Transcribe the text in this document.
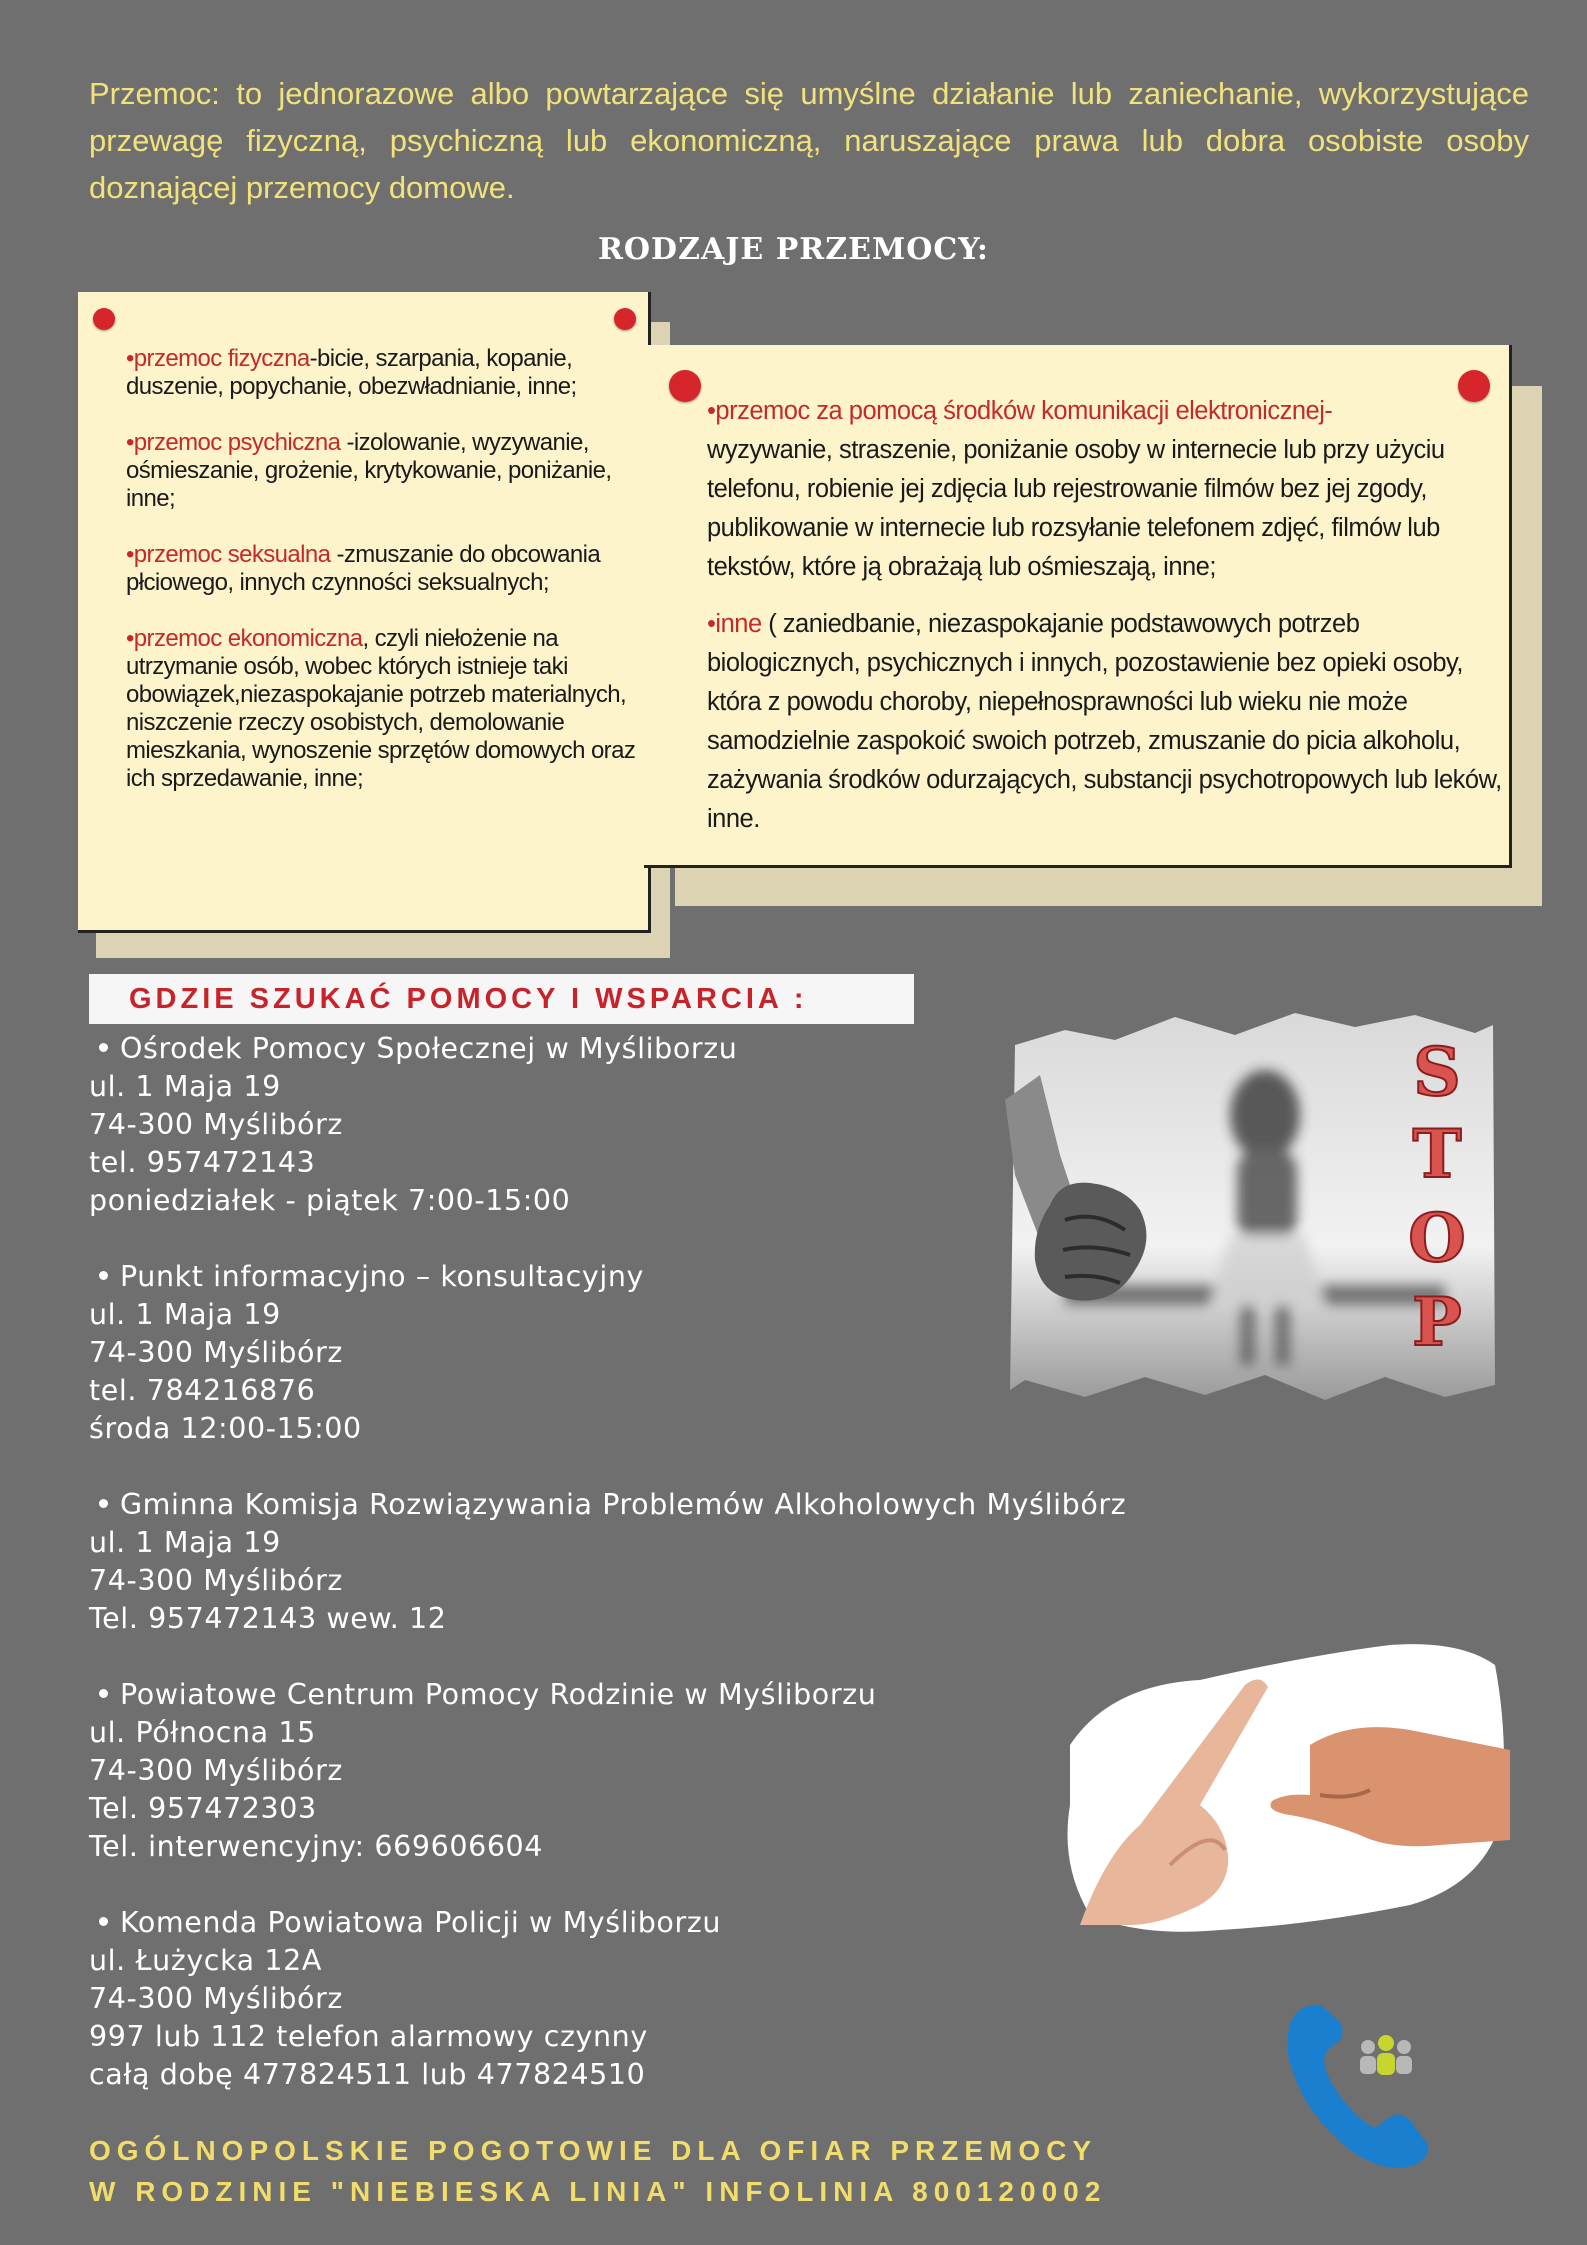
Przemoc: to jednorazowe albo powtarzające się umyślne działanie lub zaniechanie, wykorzystujące przewagę fizyczną, psychiczną lub ekonomiczną, naruszające prawa lub dobra osobiste osoby doznającej przemocy domowe.
RODZAJE PRZEMOCY:

•przemoc fizyczna-bicie, szarpania, kopanie, duszenie, popychanie, obezwładnianie, inne;

•przemoc psychiczna -izolowanie, wyzywanie, ośmieszanie, grożenie, krytykowanie, poniżanie, inne;

•przemoc seksualna -zmuszanie do obcowania płciowego, innych czynności seksualnych;

•przemoc ekonomiczna, czyli niełożenie na utrzymanie osób, wobec których istnieje taki obowiązek,niezaspokajanie potrzeb materialnych, niszczenie rzeczy osobistych, demolowanie mieszkania, wynoszenie sprzętów domowych oraz ich sprzedawanie, inne;

•przemoc za pomocą środków komunikacji elektronicznej-
wyzywanie, straszenie, poniżanie osoby w internecie lub przy użyciu telefonu, robienie jej zdjęcia lub rejestrowanie filmów bez jej zgody, publikowanie w internecie lub rozsyłanie telefonem zdjęć, filmów lub tekstów, które ją obrażają lub ośmieszają, inne;

•inne ( zaniedbanie, niezaspokajanie podstawowych potrzeb biologicznych, psychicznych i innych, pozostawienie bez opieki osoby, która z powodu choroby, niepełnosprawności lub wieku nie może samodzielnie zaspokoić swoich potrzeb, zmuszanie do picia alkoholu, zażywania środków odurzających, substancji psychotropowych lub leków, inne.

GDZIE SZUKAĆ POMOCY I WSPARCIA :
Ośrodek Pomocy Społecznej w Myśliborzu
ul. 1 Maja 19
74-300 Myślibórz
tel. 957472143
poniedziałek - piątek 7:00-15:00
Punkt informacyjno – konsultacyjny
ul. 1 Maja 19
74-300 Myślibórz
tel. 784216876
środa 12:00-15:00
Gminna Komisja Rozwiązywania Problemów Alkoholowych Myślibórz
ul. 1 Maja 19
74-300 Myślibórz
Tel. 957472143 wew. 12
Powiatowe Centrum Pomocy Rodzinie w Myśliborzu
ul. Północna 15
74-300 Myślibórz
Tel. 957472303
Tel. interwencyjny: 669606604
Komenda Powiatowa Policji w Myśliborzu
ul. Łużycka 12A
74-300 Myślibórz
997 lub 112 telefon alarmowy czynny
całą dobę 477824511 lub 477824510
S
T
O
P
OGÓLNOPOLSKIE POGOTOWIE DLA OFIAR PRZEMOCY
W RODZINIE "NIEBIESKA LINIA" INFOLINIA 800120002
